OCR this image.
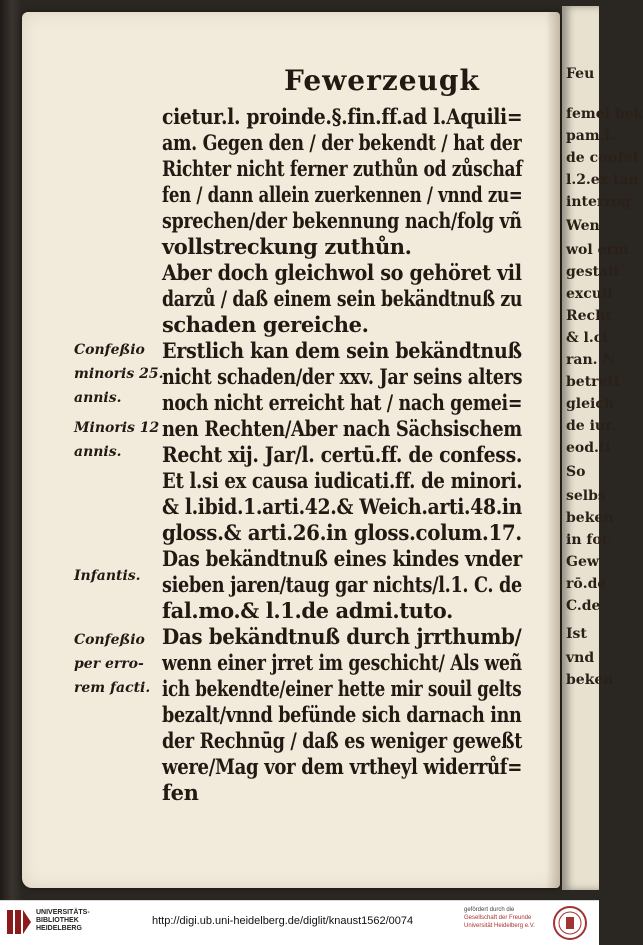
Fewerzeugk
cietur.l. proinde.§.fin.ff.ad l.Aquili=
am. Gegen den / der bekendt / hat der
Richter nicht ferner zuthůn od zůschaf
fen / dann allein zuerkennen / vnnd zu=
sprechen/der bekennung nach/folg vñ
vollstreckung zuthůn.
Aber doch gleichwol so gehöret vil
darzů / daß einem sein bekändtnuß zu
schaden gereiche.
Erstlich kan dem sein bekändtnuß
nicht schaden/der xxv. Jar seins alters
noch nicht erreicht hat / nach gemei=
nen Rechten/Aber nach Sächsischem
Recht xij. Jar/l. certū.ff. de confess.
Et l.si ex causa iudicati.ff. de minori.
& l.ibid.1.arti.42.& Weich.arti.48.in
gloss.& arti.26.in gloss.colum.17.
Das bekändtnuß eines kindes vnder
sieben jaren/taug gar nichts/l.1. C. de
fal.mo.& l.1.de admi.tuto.
Das bekändtnuß durch jrrthumb/
wenn einer jrret im geschicht/ Als weñ
ich bekendte/einer hette mir souil gelts
bezalt/vnnd befünde sich darnach inn
der Rechnūg / daß es weniger geweßt
were/Mag vor dem vrtheyl widerrůf=
fen
Confeßio
minoris 25.
annis.
Minoris 12
annis.
Infantis.
Confeßio
per erro-
rem facti.
Feu
femel bek
pam.l.
de confel
l.2.ex tan
interrog
Wen
wol erm
gestalt
exculi
Recht
& l.ci
ran. N
betrett
gleich
de iur.
eod.ti
So
selbs
beken
in for
Gew
rō.de
C.de
Ist
vnd
beken
UNIVERSITÄTS-
BIBLIOTHEK
HEIDELBERG
http://digi.ub.uni-heidelberg.de/diglit/knaust1562/0074
gefördert durch die
Gesellschaft der Freunde
Universität Heidelberg e.V.
